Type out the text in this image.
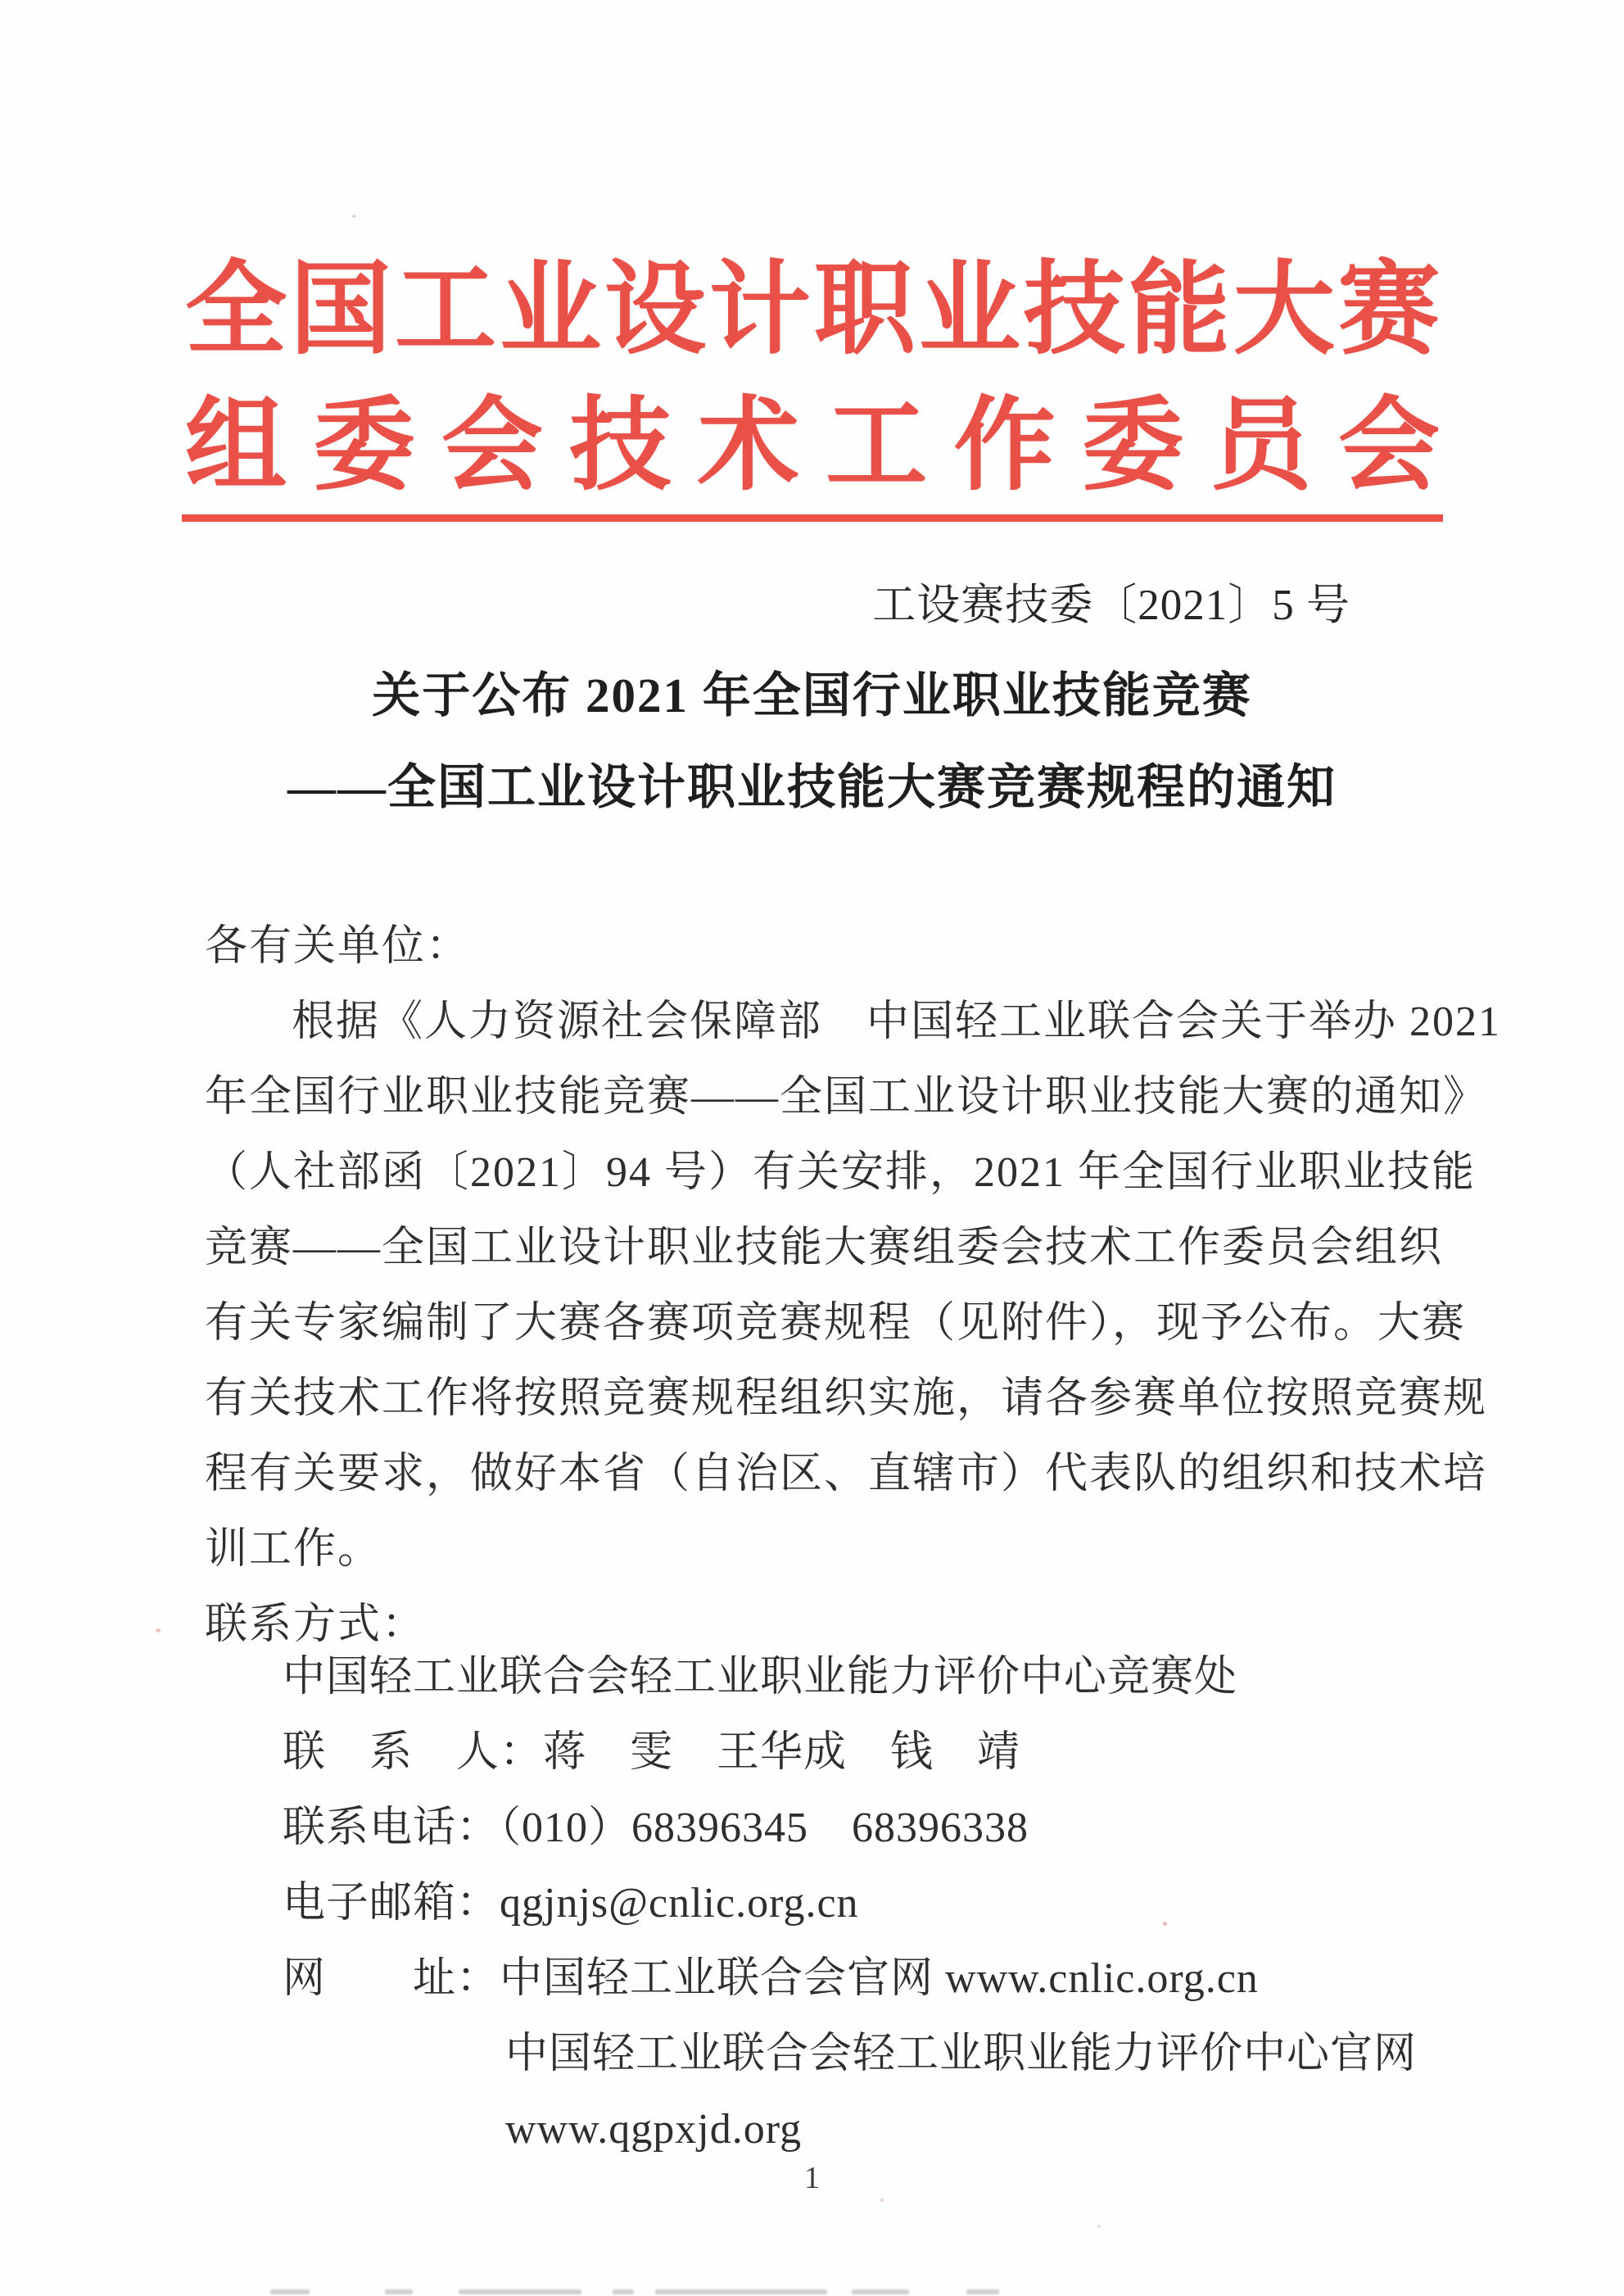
全 国 工 业 设 计 职 业 技 能 大 赛
组 委 会 技 术 工 作 委 员 会
工设赛技委〔2021〕5 号
关于公布 2021 年全国行业职业技能竞赛
——全国工业设计职业技能大赛竞赛规程的通知
各有关单位：
根据《人力资源社会保障部　中国轻工业联合会关于举办 2021
年全国行业职业技能竞赛——全国工业设计职业技能大赛的通知》
（人社部函〔2021〕94 号）有关安排，2021 年全国行业职业技能
竞赛——全国工业设计职业技能大赛组委会技术工作委员会组织
有关专家编制了大赛各赛项竞赛规程（见附件），现予公布。大赛
有关技术工作将按照竞赛规程组织实施，请各参赛单位按照竞赛规
程有关要求，做好本省（自治区、直辖市）代表队的组织和技术培
训工作。
联系方式：
中国轻工业联合会轻工业职业能力评价中心竞赛处
联　系　人：蒋　雯　王华成　钱　靖
联系电话：（010）68396345　68396338
电子邮箱：qgjnjs@cnlic.org.cn
网　　址：中国轻工业联合会官网 www.cnlic.org.cn
中国轻工业联合会轻工业职业能力评价中心官网
www.qgpxjd.org
1
